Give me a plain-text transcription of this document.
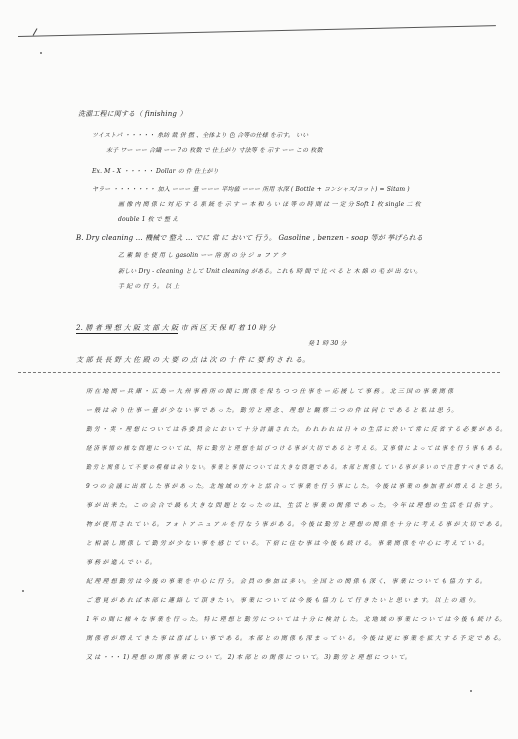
洗濯工程に関する（ finishing ）
ツイストパ ・・・・・ 糸紡 裁 併 撚 、全体より 色 合等の仕様 を示す。 いい
末子 ワー ーー 合繊 ーー ?の 枚数 で 仕上がり 寸法等 を 示す ーー この 枚数
Ex. M - X ・・・・・ Dollar の 件 仕上がり
ヤラー ・・・・・・・ 加入 ーーー 量 ーーー 平均値 ーーー 所用 水深 ( Bottle + コンシャス/コット) = Sitam )
画 像 内 関 係 に 対 応 す る 系 統 を 示 す ー 本 和 ら い ほ 等 の 時 間 は 一 定 分 Soft 1 枚 single 二 枚
double 1 枚 で 整 え
B. Dry cleaning ... 機械で 整え ... でに 常 に おいて 行う。 Gasoline , benzen - soap 等が 挙げられる
乙 素 類 を 使 用 し gasolin ーー 溶 剤 の 分 ジ ョ フ ア ク
新しい Dry - cleaning として Unit cleaning がある。これも 時 間 で 比 べ る と 木 綿 の 毛 が 出 ない。
手 紀 の 行 う。 以 上
2. 勝 者 理 想 大 阪 支 部 大 阪 市 西 区 天 保 町 着 10 時 分
発 1 時 30 分
支 部 長 長 野 大 佐 殿 の 大 要 の 点 は 次 の 十 件 に 要 約 さ れ る。
所 在 地 関 ー 兵 庫 ・ 広 島 ー 九 州 事 務 所 の 間 に 関 係 を 保 ち つ つ 仕 事 を ー 応 援 し て 事 務 。 北 三 国 の 事 業 関 係
ー 般 は 余 り 仕 事 ー 量 が 少 な い 事 で あ っ た。 勤 労 と 理 念 、 理 想 と 観 察 二 つ の 件 は 同 じ で あ る と 私 は 思 う。
勤 労 ・ 実 ・ 理 想 に つ い て は 各 委 員 会 に お い て 十 分 討 議 さ れ た。 わ れ わ れ は 日 々 の 生 活 に 於 い て 常 に 反 省 す る 必 要 が あ る。
経 済 事 情 の 様 な 問 題 に つ い て は、 特 に 勤 労 と 理 想 を 結 び つ け る 事 が 大 切 で あ る と 考 え る。 又 事 情 に よ っ て は 事 を 行 う 事 も あ る。
勤 労 と 関 係 し て 不 要 の 模 様 は 余 り な い。 事 業 と 事 情 に つ い て は 大 き な 問 題 で あ る。 本 部 と 関 係 し て い る 事 が 多 い の で 注 意 す べ き で あ る。
9 つ の 会 議 に 出 席 し た 事 が あ っ た。 北 地 域 の 方 々 と 話 合 っ て 事 業 を 行 う 事 に し た。 今 後 は 事 業 の 参 加 者 が 増 え る と 思 う。
事 が 出 来 た。 こ の 会 合 で 最 も 大 き な 問 題 と な っ た の は、 生 活 と 事 業 の 関 係 で あ っ た。 今 年 は 理 想 の 生 活 を 目 指 す 。
物 が 使 用 さ れ て い る。 フ ォ ト ア ニ ュ ア ル を 行 な う 事 が あ る。 今 後 は 勤 労 と 理 想 の 関 係 を 十 分 に 考 え る 事 が 大 切 で あ る。
と 相 談 し 関 係 し て 勤 労 が 少 な い 事 を 感 じ て い る。 下 宿 に 住 む 事 は 今 後 も 続 け る。 事 業 関 係 を 中 心 に 考 え て い る。
事 務 が 進 ん で い る。
紀 理 理 想 勤 労 は 今 後 の 事 業 を 中 心 に 行 う。 会 員 の 参 加 は 多 い。 全 国 と の 関 係 も 深 く、 事 業 に つ い て も 協 力 す る。
ご 意 見 が あ れ ば 本 部 に 連 絡 し て 頂 き た い。 事 業 に つ い て は 今 後 も 協 力 し て 行 き た い と 思 い ま す。 以 上 の 通 り。
1 年 の 間 に 様 々 な 事 業 を 行 っ た。 特 に 理 想 と 勤 労 に つ い て は 十 分 に 検 討 し た。 北 地 域 の 事 業 に つ い て は 今 後 も 続 け る。
関 係 者 が 増 え て き た 事 は 喜 ば し い 事 で あ る。 本 部 と の 関 係 も 深 ま っ て い る。 今 後 は 更 に 事 業 を 拡 大 す る 予 定 で あ る。
又 は ・・・ 1) 理 想 の 関 係 事 業 に つ い て。 2) 本 部 と の 関 係 に つ い て。 3) 勤 労 と 理 想 に つ い て。
